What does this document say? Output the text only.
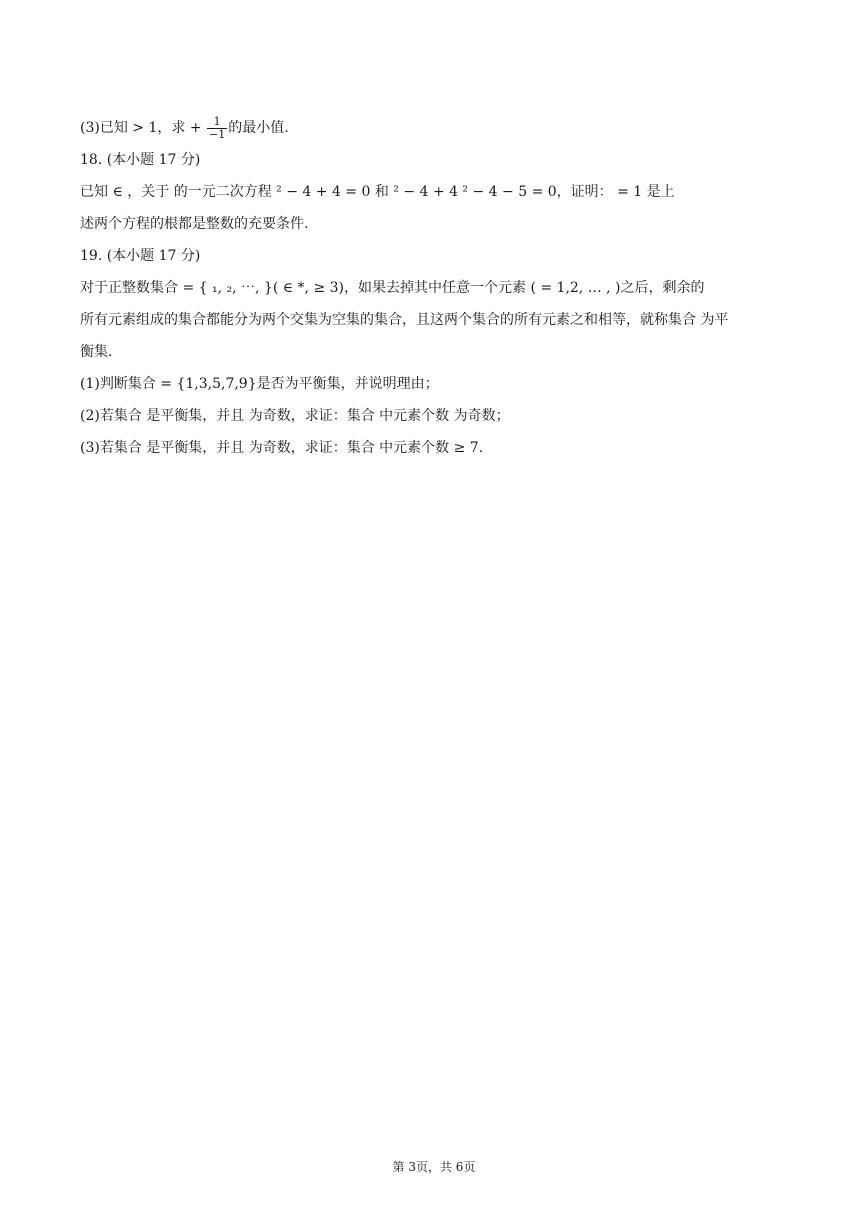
(3)已知 > 1，求 + $\frac{1}{-1}$ 的最小值.
18. (本小题 17 分)
已知 ∈ ，关于 的一元二次方程 ² − 4 + 4 = 0 和 ² − 4 + 4 ² − 4 − 5 = 0，证明： = 1 是上
述两个方程的根都是整数的充要条件.
19. (本小题 17 分)
对于正整数集合 = { ₁, ₂, ⋯, }( ∈ *, ≥ 3)，如果去掉其中任意一个元素 ( = 1,2, … , )之后，剩余的
所有元素组成的集合都能分为两个交集为空集的集合，且这两个集合的所有元素之和相等，就称集合 为平
衡集.
(1)判断集合 = {1,3,5,7,9}是否为平衡集，并说明理由；
(2)若集合 是平衡集，并且 为奇数，求证：集合 中元素个数 为奇数；
(3)若集合 是平衡集，并且 为奇数，求证：集合 中元素个数 ≥ 7.
第 3页，共 6页
